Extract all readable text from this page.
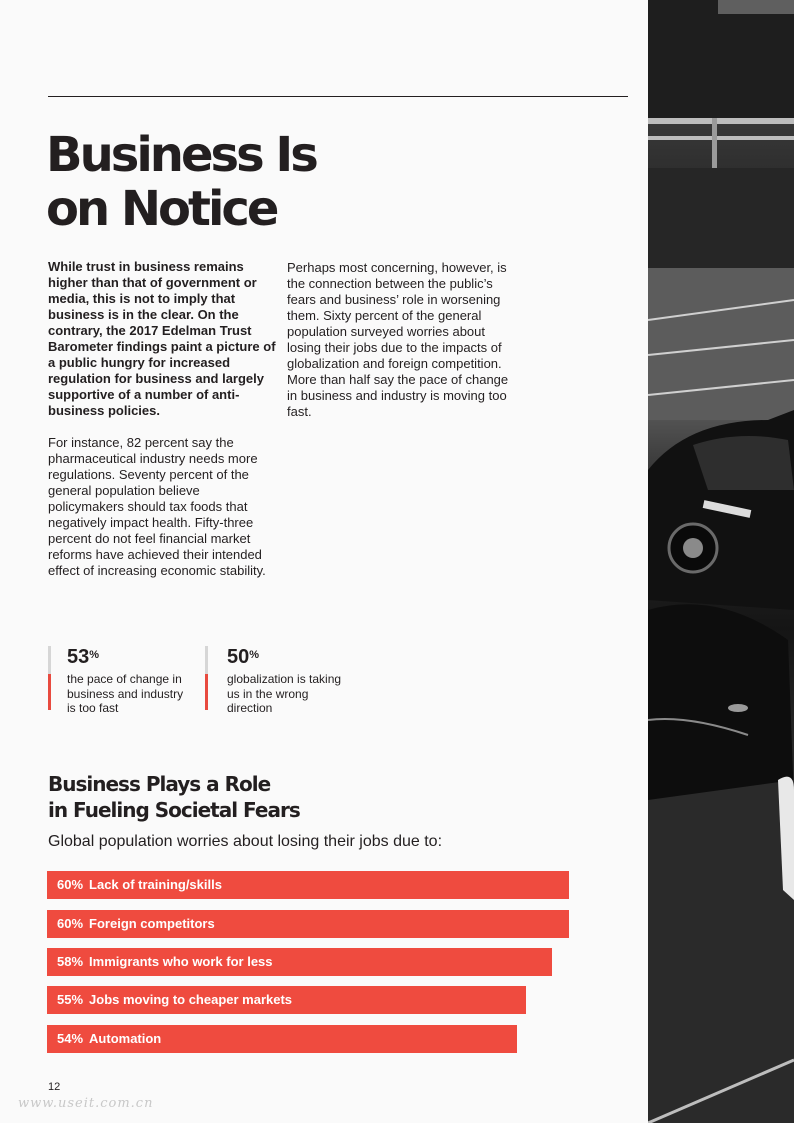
Business Is
on Notice

While trust in business remains higher than that of government or media, this is not to imply that business is in the clear. On the contrary, the 2017 Edelman Trust Barometer findings paint a picture of a public hungry for increased regulation for business and largely supportive of a number of anti-business policies.

For instance, 82 percent say the pharmaceutical industry needs more regulations. Seventy percent of the general population believe policymakers should tax foods that negatively impact health. Fifty-three percent do not feel financial market reforms have achieved their intended effect of increasing economic stability.

Perhaps most concerning, however, is the connection between the public’s fears and business’ role in worsening them. Sixty percent of the general population surveyed worries about losing their jobs due to the impacts of globalization and foreign competition. More than half say the pace of change in business and industry is moving too fast.

53%
the pace of change in business and industry is too fast
50%
globalization is taking us in the wrong direction
Business Plays a Role
in Fueling Societal Fears
Global population worries about losing their jobs due to:
60% Lack of training/skills
60% Foreign competitors
58% Immigrants who work for less
55% Jobs moving to cheaper markets
54% Automation
12
www.useit.com.cn
